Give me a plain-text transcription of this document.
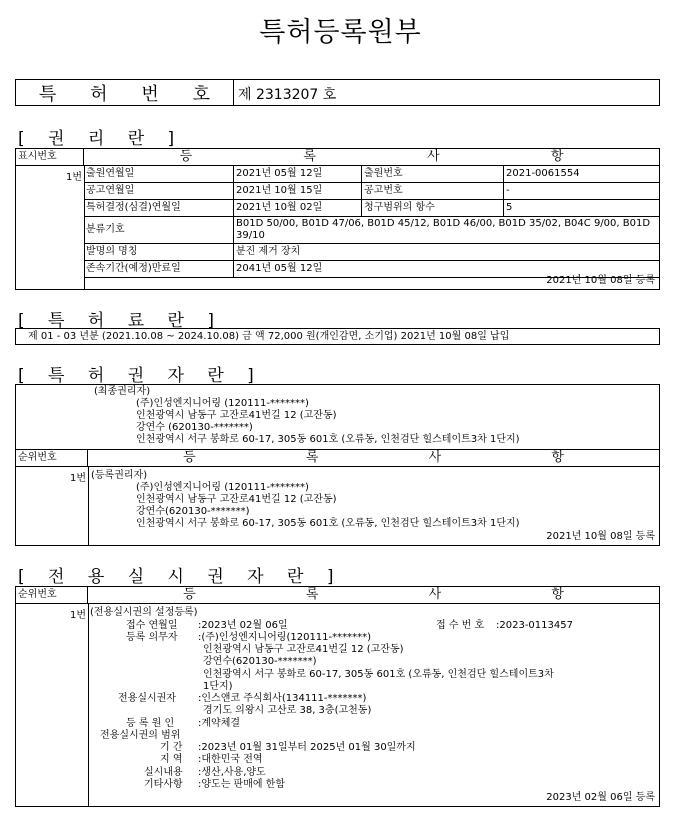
특허등록원부
특 허 번 호 제 2313207 호
[ 권 리 란 ]
표시번호	등	록	사	항
1번 출원연월일	2021년 05월 12일	출원번호	2021-0061554
공고연월일	2021년 10월 15일	공고번호	-
특허결정(심결)연월일	2021년 10월 02일	청구범위의 항수	5
분류기호
B01D 50/00, B01D 47/06, B01D 45/12, B01D 46/00, B01D 35/02, B04C 9/00, B01D 39/10
발명의 명칭	분진 제거 장치
존속기간(예정)만료일	2041년 05월 12일
2021년 10월 08일 등록
[ 특 허 료 란 ]
제 01 - 03 년분 (2021.10.08 ~ 2024.10.08) 금 액 72,000 원(개인감면, 소기업) 2021년 10월 08일 납입
[ 특 허 권 자 란 ]
(최종권리자)
(주)인성엔지니어링 (120111-*******)
인천광역시 남동구 고잔로41번길 12 (고잔동)
강연수 (620130-*******)
인천광역시 서구 봉화로 60-17, 305동 601호 (오류동, 인천검단 힐스테이트3차 1단지)
순위번호	등	록	사	항
1번 (등록권리자)
(주)인성엔지니어링 (120111-*******)
인천광역시 남동구 고잔로41번길 12 (고잔동)
강연수(620130-*******)
인천광역시 서구 봉화로 60-17, 305동 601호 (오류동, 인천검단 힐스테이트3차 1단지)
2021년 10월 08일 등록
[ 전 용 실 시 권 자 란 ]
순위번호	등	록	사	항
1번 (전용실시권의 설정등록)
접수 연월일 :2023년 02월 06일	접 수 번 호 :2023-0113457
등록 의무자 :(주)인성엔지니어링(120111-*******)
인천광역시 남동구 고잔로41번길 12 (고잔동)
강연수(620130-*******)
인천광역시 서구 봉화로 60-17, 305동 601호 (오류동, 인천검단 힐스테이트3차
1단지)
전용실시권자 :인스앤코 주식회사(134111-*******)
경기도 의왕시 고산로 38, 3층(고천동)
등 록 원 인 :계약체결
전용실시권의 범위
기 간 :2023년 01월 31일부터 2025년 01월 30일까지
지 역 :대한민국 전역
실시내용 :생산,사용,양도
기타사항 :양도는 판매에 한함
2023년 02월 06일 등록
